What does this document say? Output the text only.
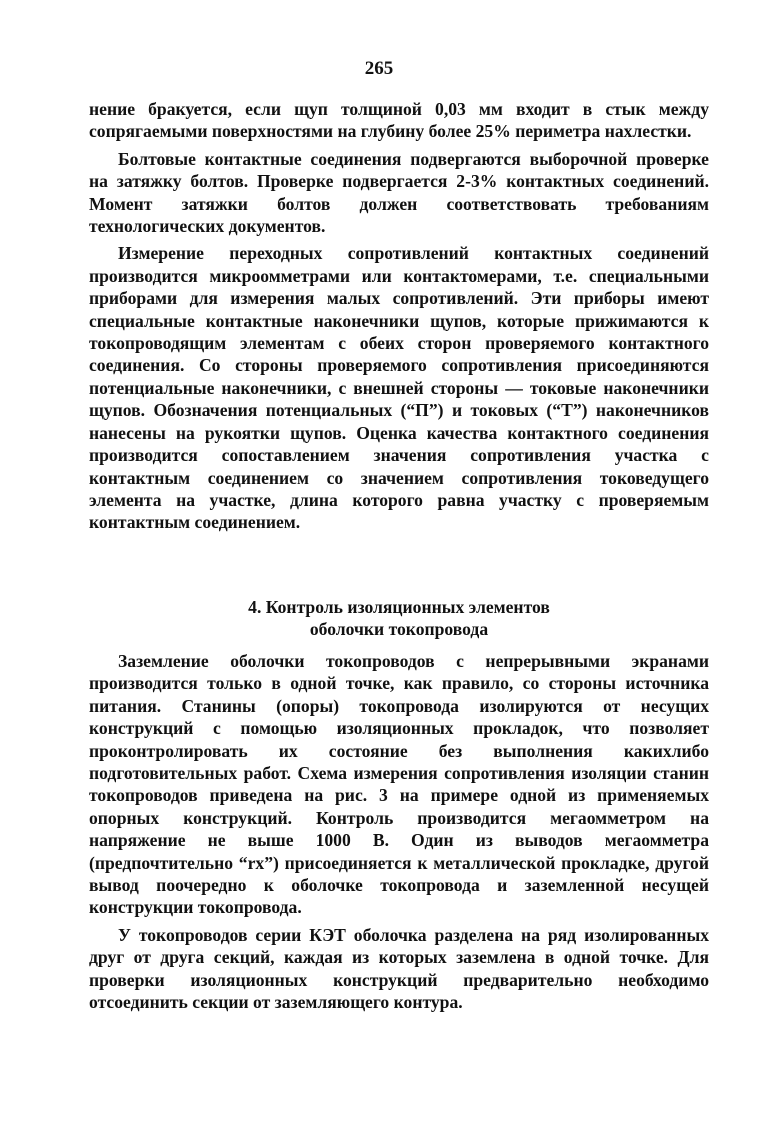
265

нение бракуется, если щуп толщиной 0,03 мм входит в стык между сопрягаемыми поверхностями на глубину более 25% периметра нахлестки.

Болтовые контактные соединения подвергаются выборочной проверке на затяжку болтов. Проверке подвергается 2-3% контактных соединений. Момент затяжки болтов должен соответствовать требованиям технологических документов.

Измерение переходных сопротивлений контактных соединений производится микроомметрами или контактомерами, т.е. специальными приборами для измерения малых сопротивлений. Эти приборы имеют специальные контактные наконечники щупов, которые прижимаются к токопроводящим элементам с обеих сторон проверяемого контактного соединения. Со стороны проверяемого сопротивления присоединяются потенциальные наконечники, с внешней стороны — токовые наконечники щупов. Обозначения потенциальных (“П”) и токовых (“Т”) наконечников нанесены на рукоятки щупов. Оценка качества контактного соединения производится сопоставлением значения сопротивления участка с контактным соединением со значением сопротивления токоведущего элемента на участке, длина которого равна участку с проверяемым контактным соединением.

4. Контроль изоляционных элементов
оболочки токопровода

Заземление оболочки токопроводов с непрерывными экранами производится только в одной точке, как правило, со стороны источника питания. Станины (опоры) токопровода изолируются от несущих конструкций с помощью изоляционных прокладок, что позволяет проконтролировать их состояние без выполнения какихлибо подготовительных работ. Схема измерения сопротивления изоляции станин токопроводов приведена на рис. 3 на примере одной из применяемых опорных конструкций. Контроль производится мегаомметром на напряжение не выше 1000 В. Один из выводов мегаомметра (предпочтительно “rх”) присоединяется к металлической прокладке, другой вывод поочередно к оболочке токопровода и заземленной несущей конструкции токопровода.

У токопроводов серии КЭТ оболочка разделена на ряд изолированных друг от друга секций, каждая из которых заземлена в одной точке. Для проверки изоляционных конструкций предварительно необходимо отсоединить секции от заземляющего контура.
